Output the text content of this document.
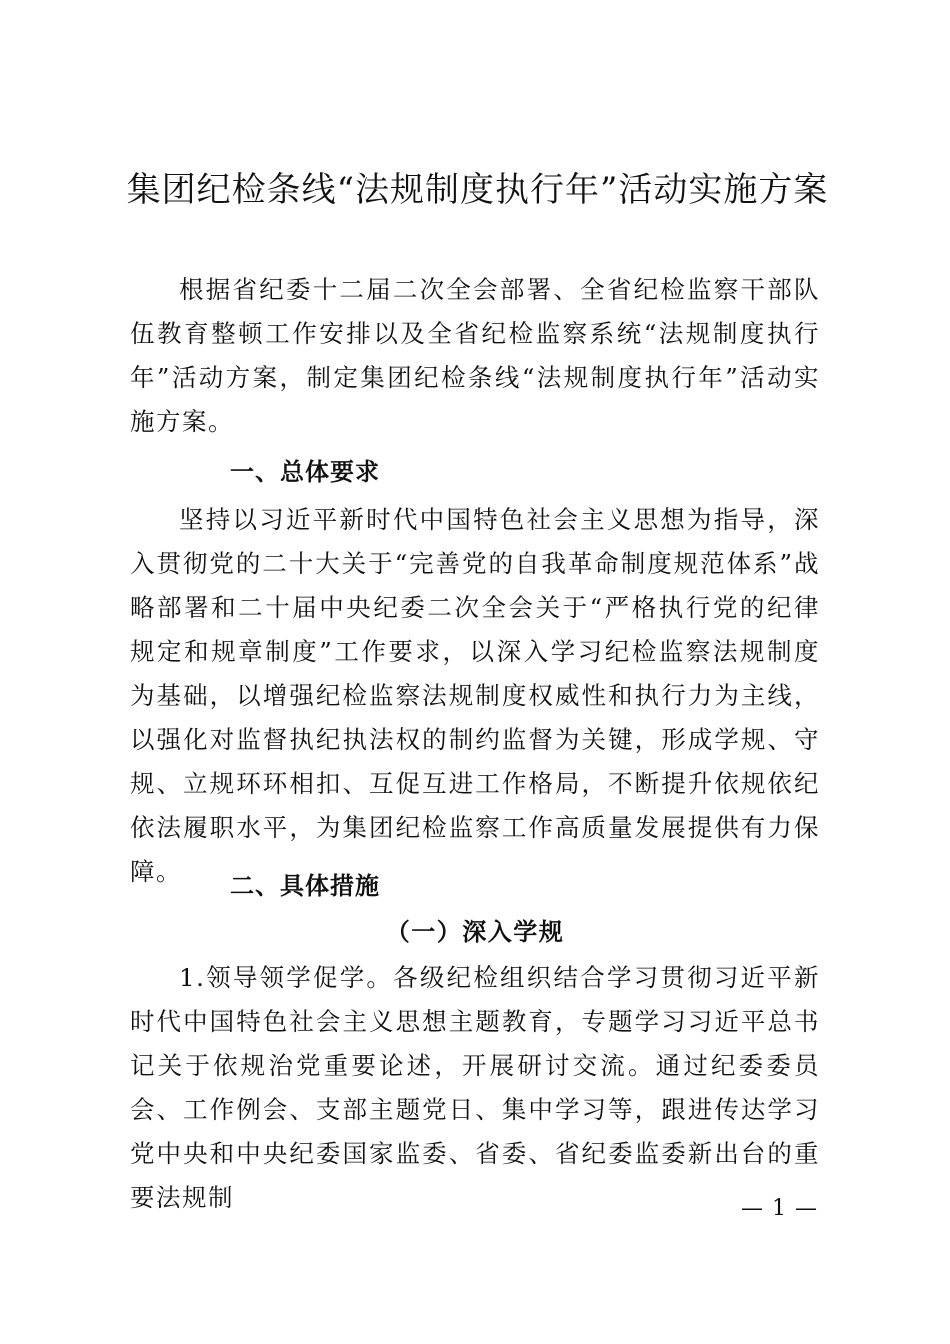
集团纪检条线“法规制度执行年”活动实施方案

根据省纪委十二届二次全会部署、全省纪检监察干部队伍教育整顿工作安排以及全省纪检监察系统“法规制度执行年”活动方案，制定集团纪检条线“法规制度执行年”活动实施方案。

一、总体要求

坚持以习近平新时代中国特色社会主义思想为指导，深入贯彻党的二十大关于“完善党的自我革命制度规范体系”战略部署和二十届中央纪委二次全会关于“严格执行党的纪律规定和规章制度”工作要求，以深入学习纪检监察法规制度为基础，以增强纪检监察法规制度权威性和执行力为主线，以强化对监督执纪执法权的制约监督为关键，形成学规、守规、立规环环相扣、互促互进工作格局，不断提升依规依纪依法履职水平，为集团纪检监察工作高质量发展提供有力保障。	二、具体措施
（一）深入学规

1.领导领学促学。各级纪检组织结合学习贯彻习近平新时代中国特色社会主义思想主题教育，专题学习习近平总书记关于依规治党重要论述，开展研讨交流。通过纪委委员会、工作例会、支部主题党日、集中学习等，跟进传达学习党中央和中央纪委国家监委、省委、省纪委监委新出台的重要法规制	— 1 —
